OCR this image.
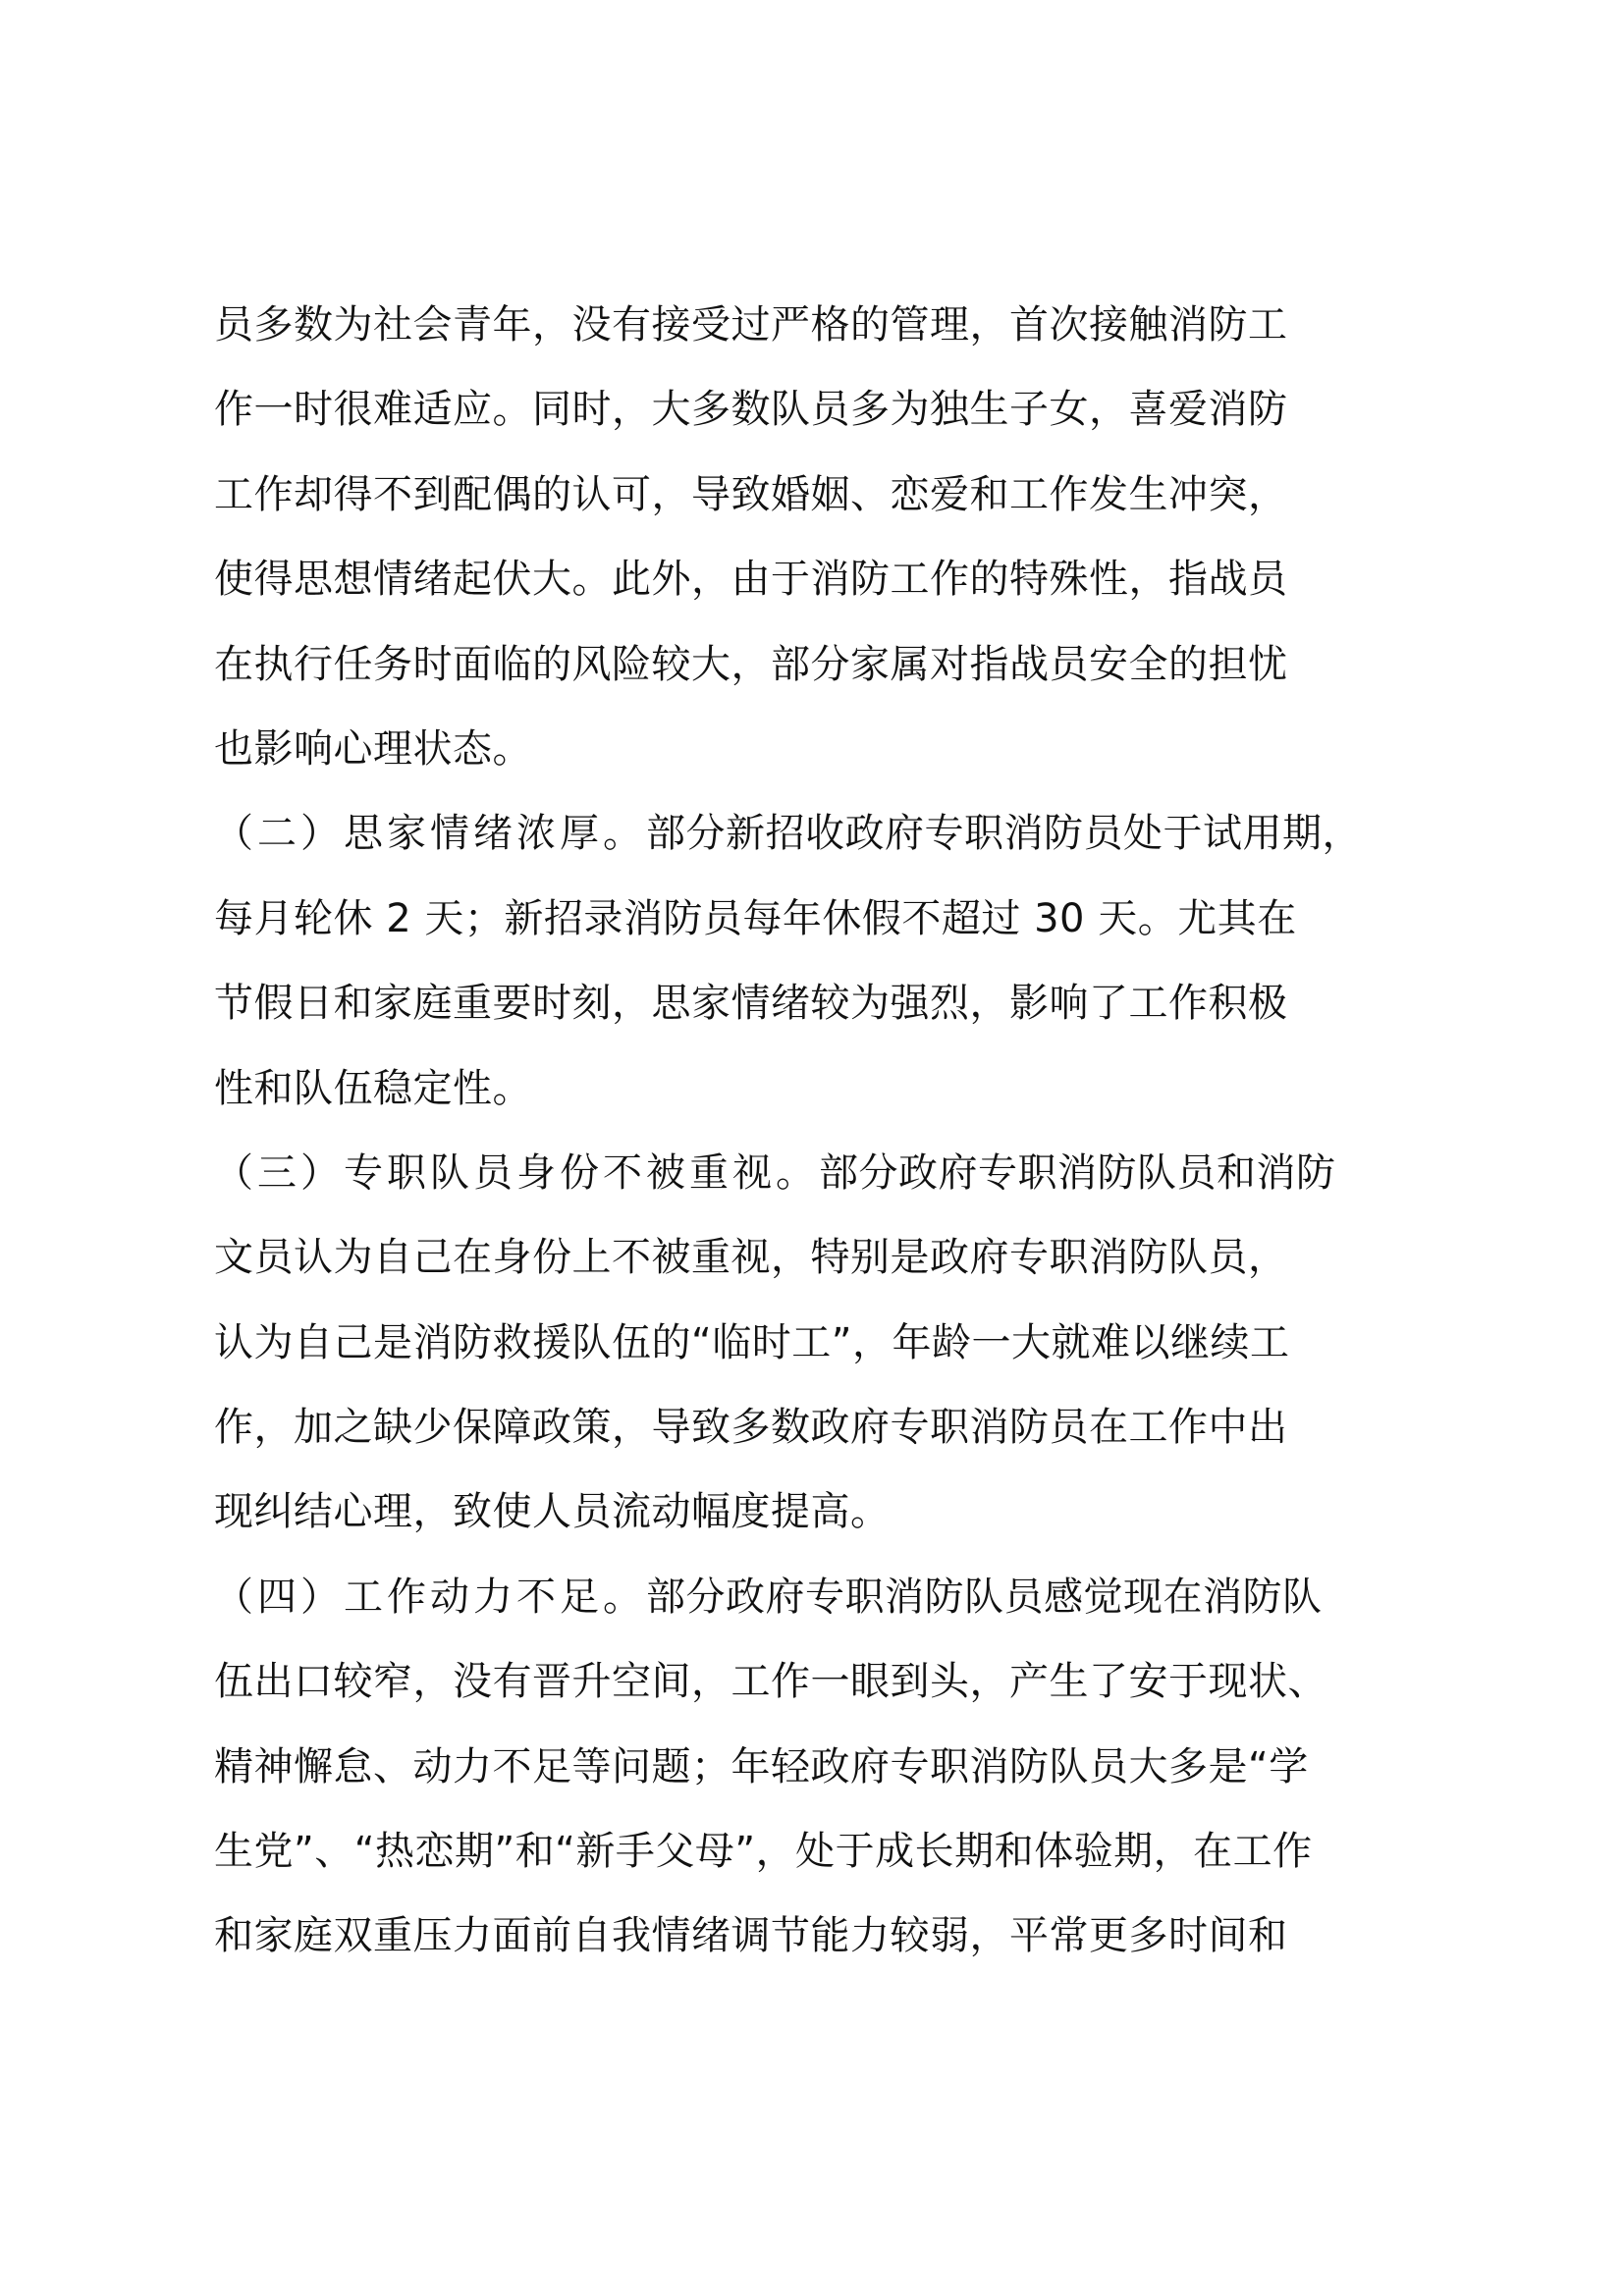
员多数为社会青年，没有接受过严格的管理，首次接触消防工
作一时很难适应。同时，大多数队员多为独生子女，喜爱消防
工作却得不到配偶的认可，导致婚姻、恋爱和工作发生冲突，
使得思想情绪起伏大。此外，由于消防工作的特殊性，指战员
在执行任务时面临的风险较大，部分家属对指战员安全的担忧
也影响心理状态。
（二）思家情绪浓厚。部分新招收政府专职消防员处于试用期，
每月轮休 2 天；新招录消防员每年休假不超过 30 天。尤其在
节假日和家庭重要时刻，思家情绪较为强烈，影响了工作积极
性和队伍稳定性。
（三）专职队员身份不被重视。部分政府专职消防队员和消防
文员认为自己在身份上不被重视，特别是政府专职消防队员，
认为自己是消防救援队伍的“临时工”，年龄一大就难以继续工
作，加之缺少保障政策，导致多数政府专职消防员在工作中出
现纠结心理，致使人员流动幅度提高。
（四）工作动力不足。部分政府专职消防队员感觉现在消防队
伍出口较窄，没有晋升空间，工作一眼到头，产生了安于现状、
精神懈怠、动力不足等问题；年轻政府专职消防队员大多是“学
生党”、“热恋期”和“新手父母”，处于成长期和体验期，在工作
和家庭双重压力面前自我情绪调节能力较弱，平常更多时间和
